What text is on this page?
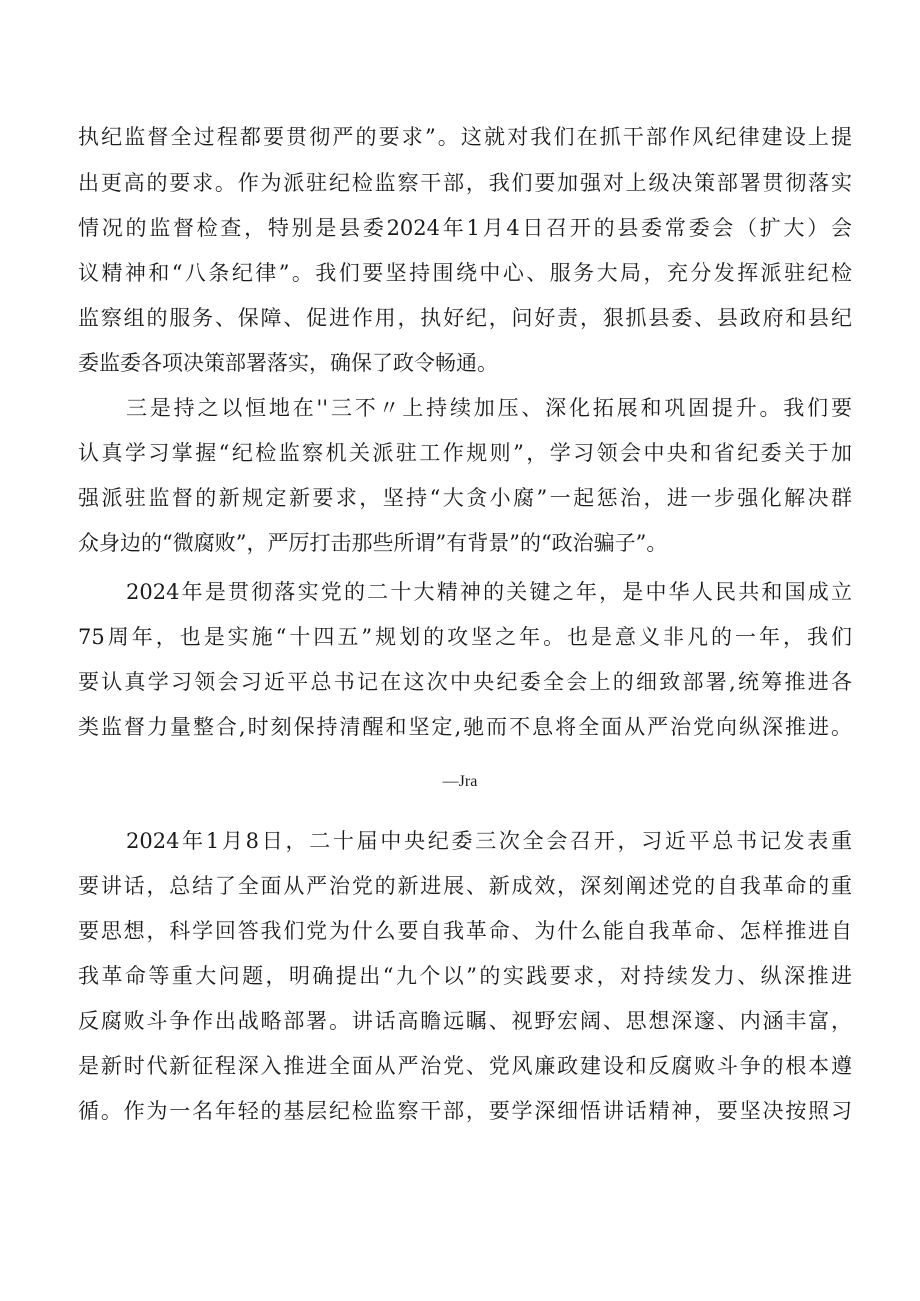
执纪监督全过程都要贯彻严的要求”。这就对我们在抓干部作风纪律建设上提
出更高的要求。作为派驻纪检监察干部，我们要加强对上级决策部署贯彻落实
情况的监督检查，特别是县委2024年1月4日召开的县委常委会（扩大）会
议精神和“八条纪律”。我们要坚持围绕中心、服务大局，充分发挥派驻纪检
监察组的服务、保障、促进作用，执好纪，问好责，狠抓县委、县政府和县纪
委监委各项决策部署落实，确保了政令畅通。
三是持之以恒地在''三不〃上持续加压、深化拓展和巩固提升。我们要
认真学习掌握“纪检监察机关派驻工作规则”，学习领会中央和省纪委关于加
强派驻监督的新规定新要求，坚持“大贪小腐”一起惩治，进一步强化解决群
众身边的“微腐败”，严厉打击那些所谓”有背景”的“政治骗子”。
2024年是贯彻落实党的二十大精神的关键之年，是中华人民共和国成立
75周年，也是实施“十四五”规划的攻坚之年。也是意义非凡的一年，我们
要认真学习领会习近平总书记在这次中央纪委全会上的细致部署,统筹推进各
类监督力量整合,时刻保持清醒和坚定,驰而不息将全面从严治党向纵深推进。
—Jra
2024年1月8日，二十届中央纪委三次全会召开，习近平总书记发表重
要讲话，总结了全面从严治党的新进展、新成效，深刻阐述党的自我革命的重
要思想，科学回答我们党为什么要自我革命、为什么能自我革命、怎样推进自
我革命等重大问题，明确提出“九个以”的实践要求，对持续发力、纵深推进
反腐败斗争作出战略部署。讲话高瞻远瞩、视野宏阔、思想深邃、内涵丰富，
是新时代新征程深入推进全面从严治党、党风廉政建设和反腐败斗争的根本遵
循。作为一名年轻的基层纪检监察干部，要学深细悟讲话精神，要坚决按照习
